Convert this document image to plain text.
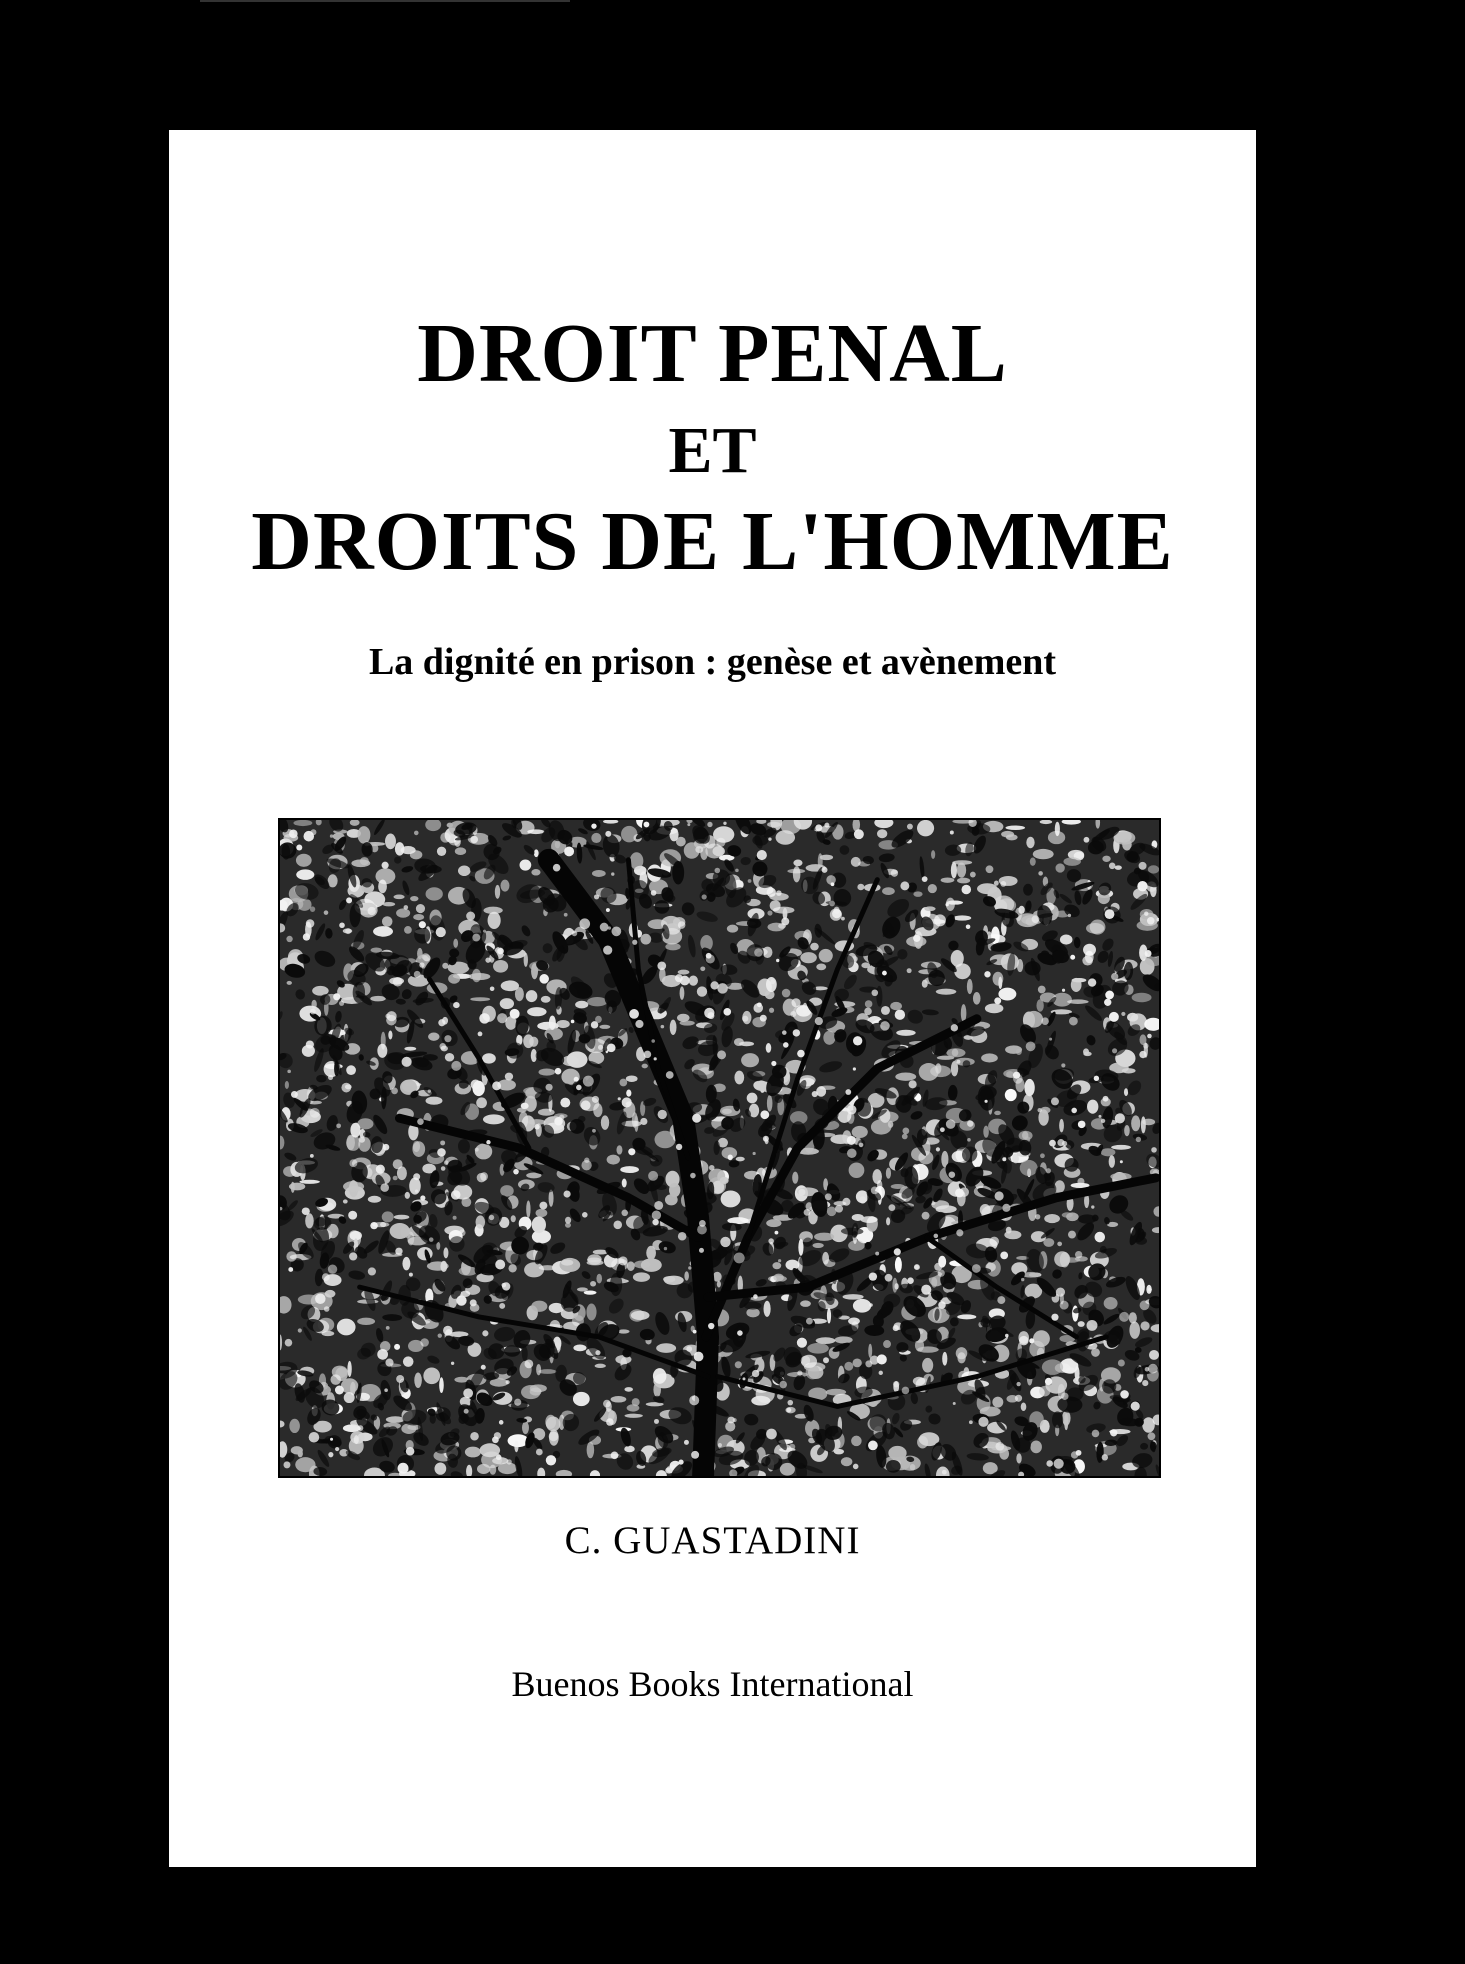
DROIT PENAL
ET
DROITS DE L'HOMME
La dignité en prison : genèse et avènement
C. GUASTADINI
Buenos Books International
